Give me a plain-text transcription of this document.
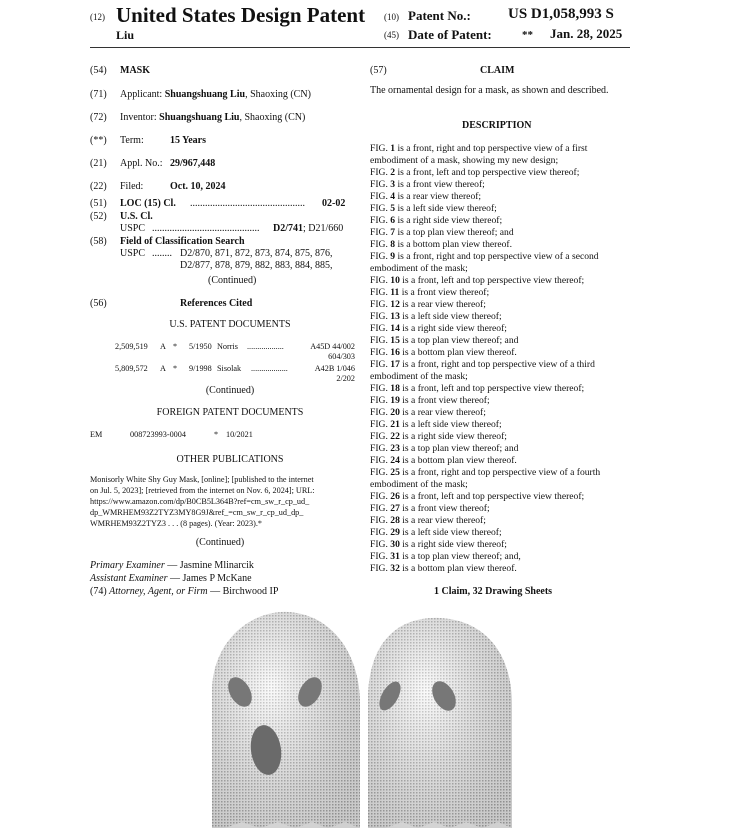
(12) United States Design Patent
Liu
(10) Patent No.: US D1,058,993 S
(45) Date of Patent:	** Jan. 28, 2025
(54) MASK
(71) Applicant: Shuangshuang Liu, Shaoxing (CN)
(72) Inventor: Shuangshuang Liu, Shaoxing (CN)
(**) Term:	15 Years
(21) Appl. No.: 29/967,448
(22) Filed:	Oct. 10, 2024
(51) LOC (15) Cl. ..............................................	02-02
(52) U.S. Cl.
USPC ...........................................	D2/741; D21/660
(58) Field of Classification Search
USPC ........ D2/870, 871, 872, 873, 874, 875, 876,
D2/877, 878, 879, 882, 883, 884, 885,
(Continued)
(56)	References Cited
U.S. PATENT DOCUMENTS
2,509,519 A * 5/1950 Norris ..................	A45D 44/002
604/303
5,809,572 A * 9/1998 Sisolak ..................	A42B 1/046
2/202
(Continued)
FOREIGN PATENT DOCUMENTS
EM	008723993-0004	* 10/2021
OTHER PUBLICATIONS
Monisorly White Shy Guy Mask, [online]; [published to the internet
on Jul. 5, 2023]; [retrieved from the internet on Nov. 6, 2024]; URL:
https://www.amazon.com/dp/B0CB5L364B?ref=cm_sw_r_cp_ud_
dp_WMRHEM93Z2TYZ3MY8G9J&ref_=cm_sw_r_cp_ud_dp_
WMRHEM93Z2TYZ3 . . . (8 pages). (Year: 2023).*
(Continued)
Primary Examiner — Jasmine Mlinarcik
Assistant Examiner — James P McKane
(74) Attorney, Agent, or Firm — Birchwood IP
(57)	CLAIM
The ornamental design for a mask, as shown and described.
DESCRIPTION
FIG. 1 is a front, right and top perspective view of a first
embodiment of a mask, showing my new design;
FIG. 2 is a front, left and top perspective view thereof;
FIG. 3 is a front view thereof;
FIG. 4 is a rear view thereof;
FIG. 5 is a left side view thereof;
FIG. 6 is a right side view thereof;
FIG. 7 is a top plan view thereof; and
FIG. 8 is a bottom plan view thereof.
FIG. 9 is a front, right and top perspective view of a second
embodiment of the mask;
FIG. 10 is a front, left and top perspective view thereof;
FIG. 11 is a front view thereof;
FIG. 12 is a rear view thereof;
FIG. 13 is a left side view thereof;
FIG. 14 is a right side view thereof;
FIG. 15 is a top plan view thereof; and
FIG. 16 is a bottom plan view thereof.
FIG. 17 is a front, right and top perspective view of a third
embodiment of the mask;
FIG. 18 is a front, left and top perspective view thereof;
FIG. 19 is a front view thereof;
FIG. 20 is a rear view thereof;
FIG. 21 is a left side view thereof;
FIG. 22 is a right side view thereof;
FIG. 23 is a top plan view thereof; and
FIG. 24 is a bottom plan view thereof.
FIG. 25 is a front, right and top perspective view of a fourth
embodiment of the mask;
FIG. 26 is a front, left and top perspective view thereof;
FIG. 27 is a front view thereof;
FIG. 28 is a rear view thereof;
FIG. 29 is a left side view thereof;
FIG. 30 is a right side view thereof;
FIG. 31 is a top plan view thereof; and,
FIG. 32 is a bottom plan view thereof.
1 Claim, 32 Drawing Sheets
